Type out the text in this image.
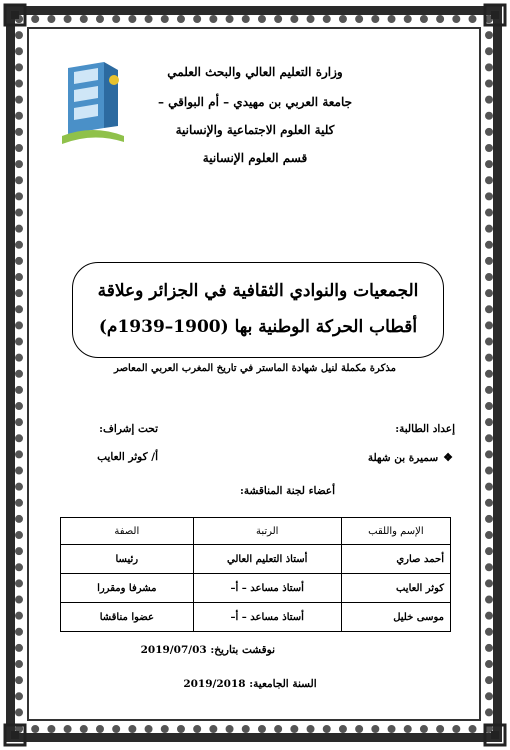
وزارة التعليم العالي والبحث العلمي
جامعة العربي بن مهيدي – أم البواقي –
كلية العلوم الاجتماعية والإنسانية
قسم العلوم الإنسانية
الجمعيات والنوادي الثقافية في الجزائر وعلاقة
أقطاب الحركة الوطنية بها (1900–1939م)
مذكرة مكملة لنيل شهادة الماستر في تاريخ المغرب العربي المعاصر
إعداد الطالبة:
تحت إشراف:
❖سميرة بن شهلة
أ/ كوثر العايب
أعضاء لجنة المناقشة:
الإسم واللقب	الرتبة	الصفة
أحمد صاري	أستاذ التعليم العالي	رئيسا
كوثر العايب	أستاذ مساعد – أ–	مشرفا ومقررا
موسى خليل	أستاذ مساعد – أ–	عضوا مناقشا
نوقشت بتاريخ: 2019/07/03
السنة الجامعية: 2019/2018
